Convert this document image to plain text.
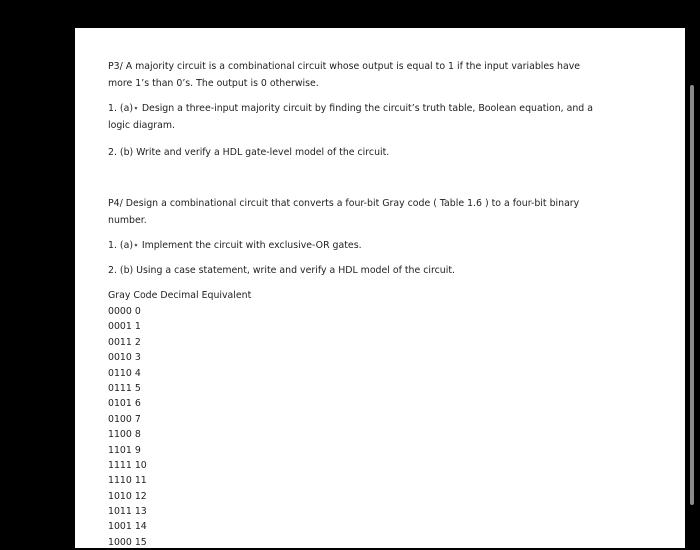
P3/ A majority circuit is a combinational circuit whose output is equal to 1 if the input variables have more 1’s than 0’s. The output is 0 otherwise.

1. (a)⋆ Design a three-input majority circuit by finding the circuit’s truth table, Boolean equation, and a logic diagram.

2. (b) Write and verify a HDL gate-level model of the circuit.

P4/ Design a combinational circuit that converts a four-bit Gray code ( Table 1.6 ) to a four-bit binary number.

1. (a)⋆ Implement the circuit with exclusive-OR gates.

2. (b) Using a case statement, write and verify a HDL model of the circuit.

Gray Code Decimal Equivalent
0000 0
0001 1
0011 2
0010 3
0110 4
0111 5
0101 6
0100 7
1100 8
1101 9
1111 10
1110 11
1010 12
1011 13
1001 14
1000 15
